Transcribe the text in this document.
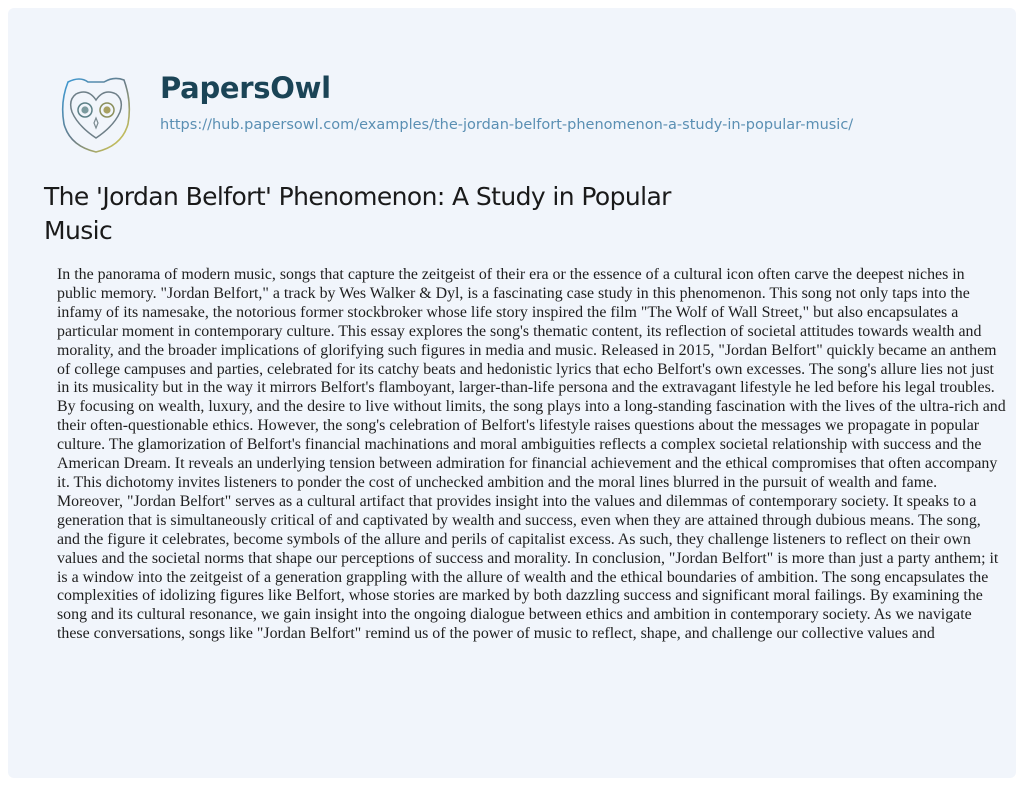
PapersOwl
https://hub.papersowl.com/examples/the-jordan-belfort-phenomenon-a-study-in-popular-music/
The 'Jordan Belfort' Phenomenon: A Study in Popular Music

In the panorama of modern music, songs that capture the zeitgeist of their era or the essence of a cultural icon often carve the deepest niches in public memory. "Jordan Belfort," a track by Wes Walker & Dyl, is a fascinating case study in this phenomenon. This song not only taps into the infamy of its namesake, the notorious former stockbroker whose life story inspired the film "The Wolf of Wall Street," but also encapsulates a particular moment in contemporary culture. This essay explores the song's thematic content, its reflection of societal attitudes towards wealth and morality, and the broader implications of glorifying such figures in media and music. Released in 2015, "Jordan Belfort" quickly became an anthem of college campuses and parties, celebrated for its catchy beats and hedonistic lyrics that echo Belfort's own excesses. The song's allure lies not just in its musicality but in the way it mirrors Belfort's flamboyant, larger-than-life persona and the extravagant lifestyle he led before his legal troubles. By focusing on wealth, luxury, and the desire to live without limits, the song plays into a long-standing fascination with the lives of the ultra-rich and their often-questionable ethics. However, the song's celebration of Belfort's lifestyle raises questions about the messages we propagate in popular culture. The glamorization of Belfort's financial machinations and moral ambiguities reflects a complex societal relationship with success and the American Dream. It reveals an underlying tension between admiration for financial achievement and the ethical compromises that often accompany it. This dichotomy invites listeners to ponder the cost of unchecked ambition and the moral lines blurred in the pursuit of wealth and fame. Moreover, "Jordan Belfort" serves as a cultural artifact that provides insight into the values and dilemmas of contemporary society. It speaks to a generation that is simultaneously critical of and captivated by wealth and success, even when they are attained through dubious means. The song, and the figure it celebrates, become symbols of the allure and perils of capitalist excess. As such, they challenge listeners to reflect on their own values and the societal norms that shape our perceptions of success and morality. In conclusion, "Jordan Belfort" is more than just a party anthem; it is a window into the zeitgeist of a generation grappling with the allure of wealth and the ethical boundaries of ambition. The song encapsulates the complexities of idolizing figures like Belfort, whose stories are marked by both dazzling success and significant moral failings. By examining the song and its cultural resonance, we gain insight into the ongoing dialogue between ethics and ambition in contemporary society. As we navigate these conversations, songs like "Jordan Belfort" remind us of the power of music to reflect, shape, and challenge our collective values and
